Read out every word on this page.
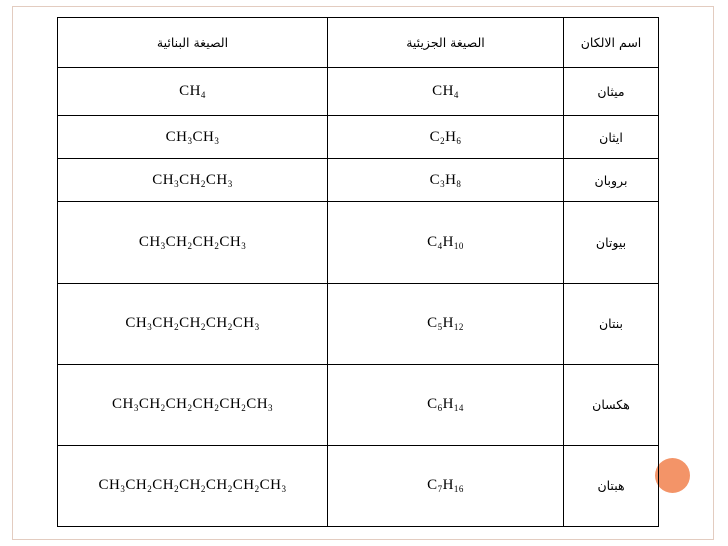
الصيغة البنائية	الصيغة الجزيئية	اسم الالكان
$CH_4$	$CH_4$	ميثان
$CH_3CH_3$	$C_2H_6$	ايثان
$CH_3CH_2CH_3$	$C_3H_8$	بروبان
$CH_3CH_2CH_2CH_3$	$C_4H_{10}$	بيوتان
$CH_3CH_2CH_2CH_2CH_3$	$C_5H_{12}$	بنتان
$CH_3CH_2CH_2CH_2CH_2CH_3$	$C_6H_{14}$	هكسان
$CH_3CH_2CH_2CH_2CH_2CH_2CH_3$	$C_7H_{16}$	هبتان
